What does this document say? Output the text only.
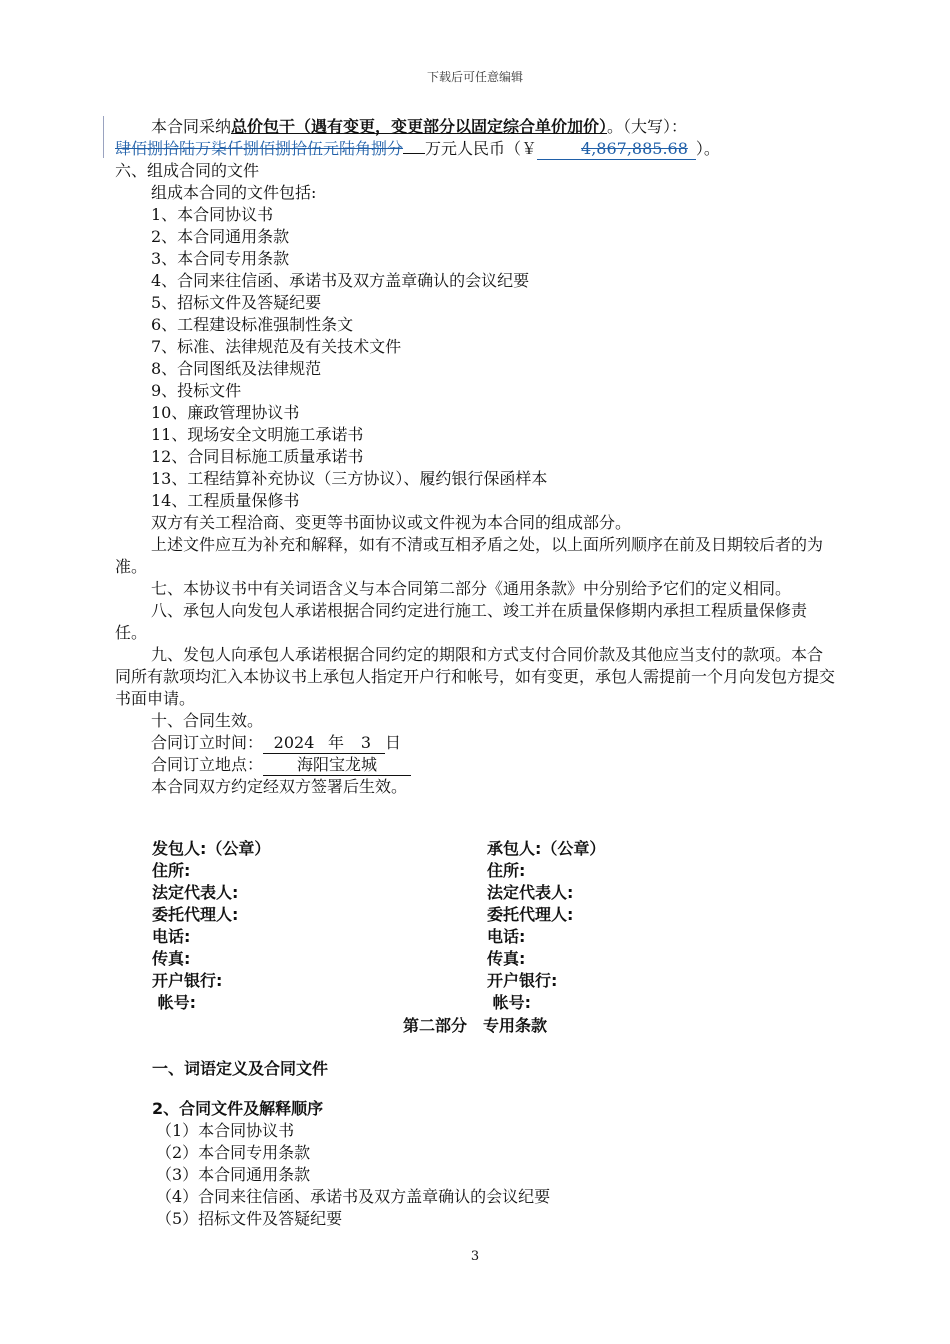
下载后可任意编辑

本合同采纳总价包干（遇有变更，变更部分以固定综合单价加价）。（大写）：
肆佰捌拾陆万柒仟捌佰捌拾伍元陆角捌分 万元人民币（￥	4,867,885.68 ）。

六、组成合同的文件

组成本合同的文件包括:

1、本合同协议书

2、本合同通用条款

3、本合同专用条款

4、合同来往信函、承诺书及双方盖章确认的会议纪要

5、招标文件及答疑纪要

6、工程建设标准强制性条文

7、标准、法律规范及有关技术文件

8、合同图纸及法律规范

9、投标文件

10、廉政管理协议书

11、现场安全文明施工承诺书

12、合同目标施工质量承诺书

13、工程结算补充协议（三方协议）、履约银行保函样本

14、工程质量保修书

双方有关工程洽商、变更等书面协议或文件视为本合同的组成部分。

上述文件应互为补充和解释，如有不清或互相矛盾之处，以上面所列顺序在前及日期较后者的为准。

七、本协议书中有关词语含义与本合同第二部分《通用条款》中分别给予它们的定义相同。

八、承包人向发包人承诺根据合同约定进行施工、竣工并在质量保修期内承担工程质量保修责任。

九、发包人向承包人承诺根据合同约定的期限和方式支付合同价款及其他应当支付的款项。本合同所有款项均汇入本协议书上承包人指定开户行和帐号，如有变更，承包人需提前一个月向发包方提交书面申请。

十、合同生效。

合同订立时间： 2024 年 3 日

合同订立地点： 海阳宝龙城

本合同双方约定经双方签署后生效。

发包人:（公章）
住所:
法定代表人:
委托代理人:
电话:
传真:
开户银行:
帐号:
承包人:（公章）
住所:
法定代表人:
委托代理人:
电话:
传真:
开户银行:
帐号:
第二部分　专用条款
一、词语定义及合同文件
2、合同文件及解释顺序
（1）本合同协议书
（2）本合同专用条款
（3）本合同通用条款
（4）合同来往信函、承诺书及双方盖章确认的会议纪要
（5）招标文件及答疑纪要
3
